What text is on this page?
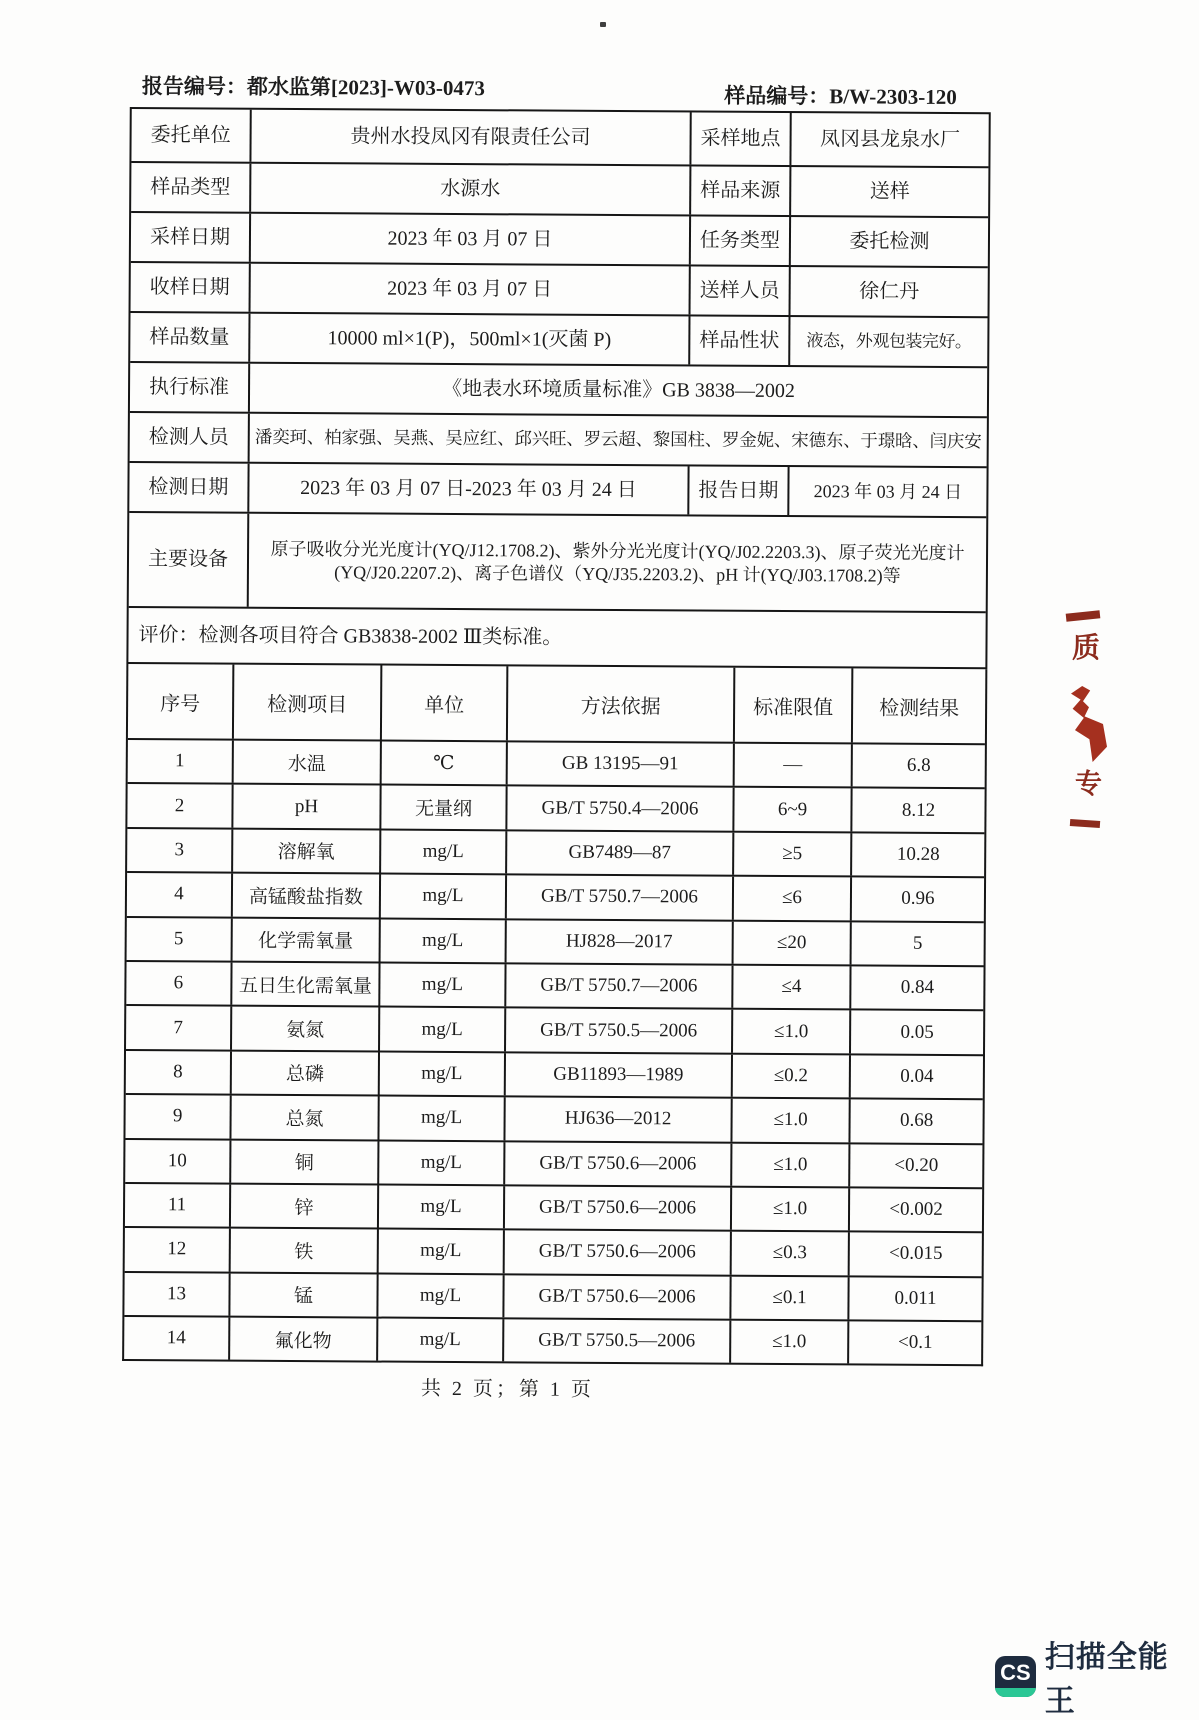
报告编号：都水监第[2023]-W03-0473	样品编号：B/W-2303-120
委托单位	贵州水投凤冈有限责任公司	采样地点	凤冈县龙泉水厂
样品类型	水源水	样品来源	送样
采样日期	2023 年 03 月 07 日	任务类型	委托检测
收样日期	2023 年 03 月 07 日	送样人员	徐仁丹
样品数量	10000 ml×1(P)，500ml×1(灭菌 P)	样品性状	液态，外观包装完好。
执行标准	《地表水环境质量标准》GB 3838—2002
检测人员	潘奕珂、柏家强、吴燕、吴应红、邱兴旺、罗云超、黎国柱、罗金妮、宋德东、于璟晗、闫庆安
检测日期	2023 年 03 月 07 日-2023 年 03 月 24 日	报告日期	2023 年 03 月 24 日
主要设备	原子吸收分光光度计(YQ/J12.1708.2)、紫外分光光度计(YQ/J02.2203.3)、原子荧光光度计(YQ/J20.2207.2)、离子色谱仪（YQ/J35.2203.2)、pH 计(YQ/J03.1708.2)等
评价：检测各项目符合 GB3838-2002 Ⅲ类标准。
序号	检测项目	单位	方法依据	标准限值	检测结果
1	水温	℃	GB 13195—91	—	6.8
2	pH	无量纲	GB/T 5750.4—2006	6~9	8.12
3	溶解氧	mg/L	GB7489—87	≥5	10.28
4	高锰酸盐指数	mg/L	GB/T 5750.7—2006	≤6	0.96
5	化学需氧量	mg/L	HJ828—2017	≤20	5
6	五日生化需氧量	mg/L	GB/T 5750.7—2006	≤4	0.84
7	氨氮	mg/L	GB/T 5750.5—2006	≤1.0	0.05
8	总磷	mg/L	GB11893—1989	≤0.2	0.04
9	总氮	mg/L	HJ636—2012	≤1.0	0.68
10	铜	mg/L	GB/T 5750.6—2006	≤1.0	<0.20
11	锌	mg/L	GB/T 5750.6—2006	≤1.0	<0.002
12	铁	mg/L	GB/T 5750.6—2006	≤0.3	<0.015
13	锰	mg/L	GB/T 5750.6—2006	≤0.1	0.011
14	氟化物	mg/L	GB/T 5750.5—2006	≤1.0	<0.1
共 2 页；第 1 页
质
专
CS 扫描全能王
